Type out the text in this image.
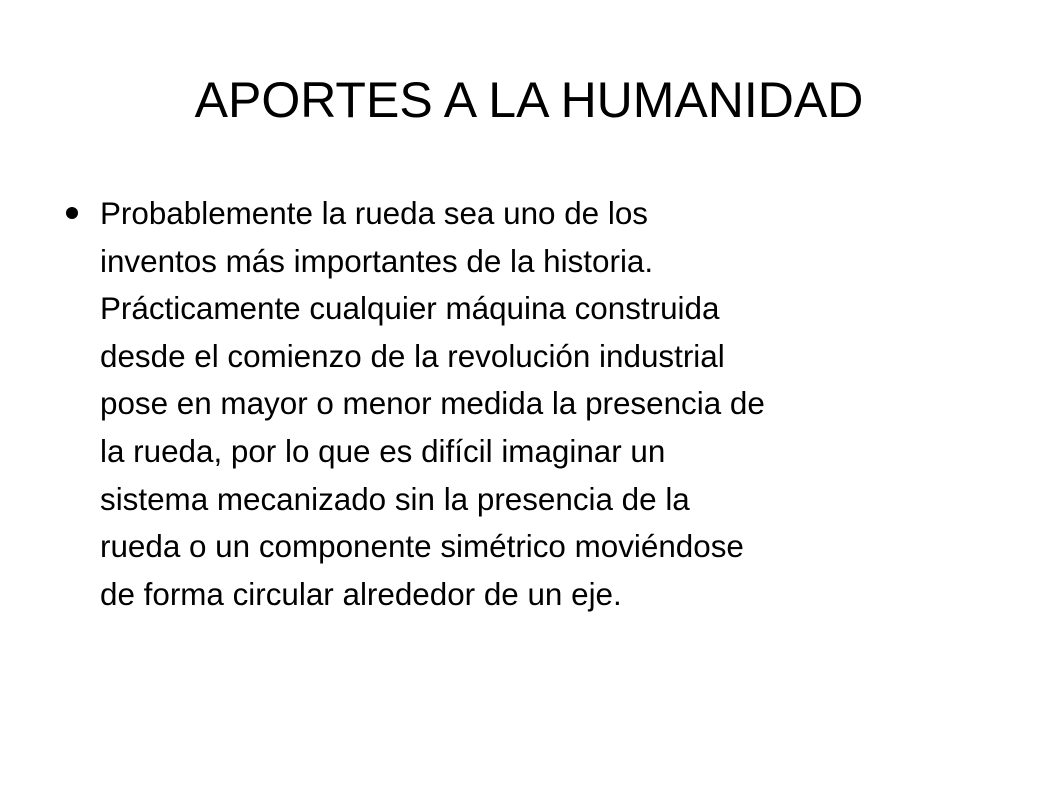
APORTES A LA HUMANIDAD
Probablemente la rueda sea uno de los
inventos más importantes de la historia.
Prácticamente cualquier máquina construida
desde el comienzo de la revolución industrial
pose en mayor o menor medida la presencia de
la rueda, por lo que es difícil imaginar un
sistema mecanizado sin la presencia de la
rueda o un componente simétrico moviéndose
de forma circular alrededor de un eje.
